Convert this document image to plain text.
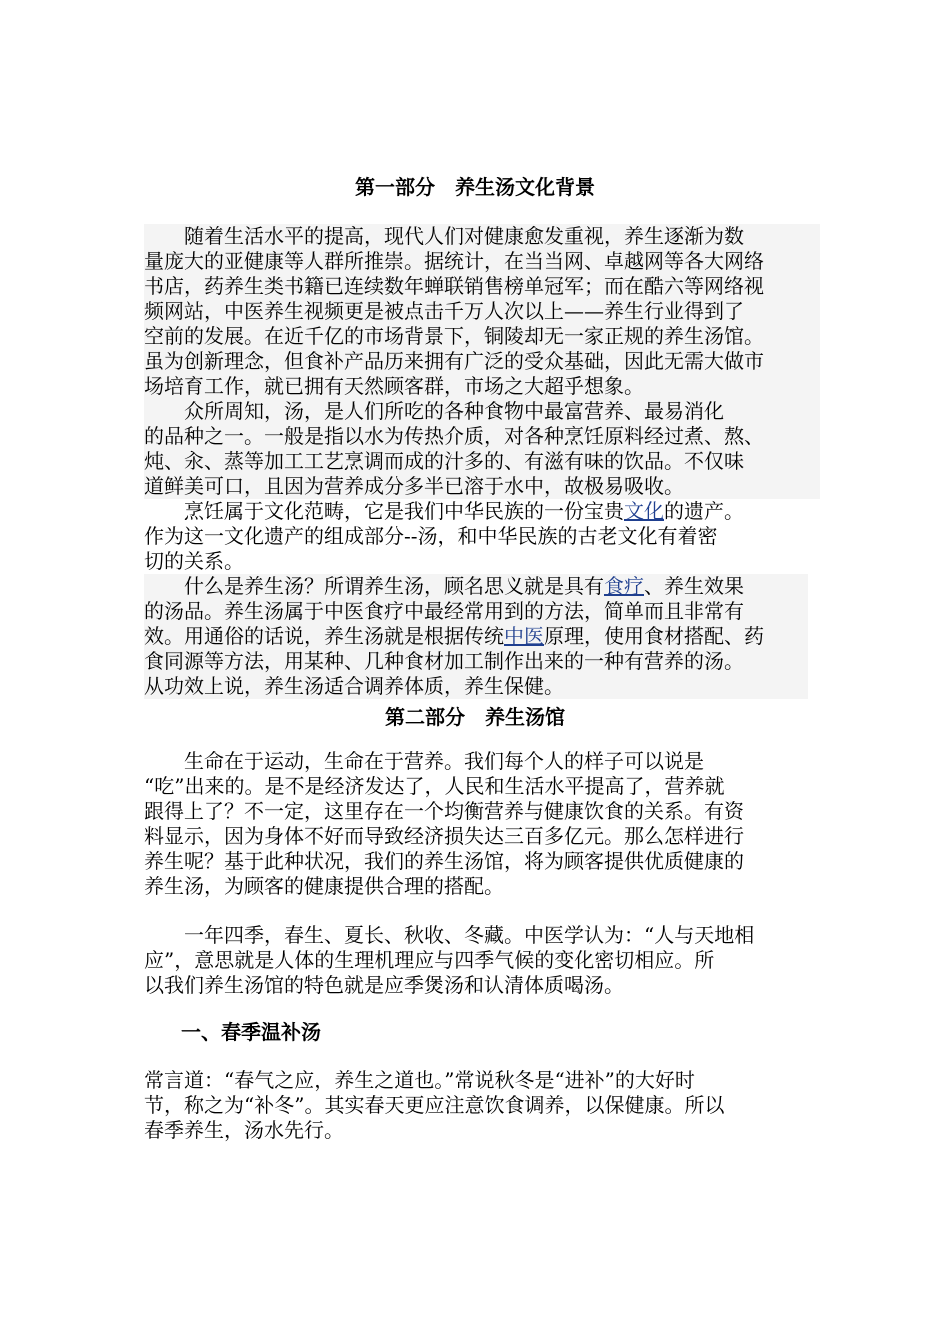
第一部分　养生汤文化背景
　　随着生活水平的提高，现代人们对健康愈发重视，养生逐渐为数
量庞大的亚健康等人群所推崇。据统计，在当当网、卓越网等各大网络
书店，药养生类书籍已连续数年蝉联销售榜单冠军；而在酷六等网络视
频网站，中医养生视频更是被点击千万人次以上——养生行业得到了
空前的发展。在近千亿的市场背景下，铜陵却无一家正规的养生汤馆。
虽为创新理念，但食补产品历来拥有广泛的受众基础，因此无需大做市
场培育工作，就已拥有天然顾客群，市场之大超乎想象。
　　众所周知，汤，是人们所吃的各种食物中最富营养、最易消化
的品种之一。一般是指以水为传热介质，对各种烹饪原料经过煮、熬、
炖、汆、蒸等加工工艺烹调而成的汁多的、有滋有味的饮品。不仅味
道鲜美可口，且因为营养成分多半已溶于水中，故极易吸收。
　　烹饪属于文化范畴，它是我们中华民族的一份宝贵文化的遗产。
作为这一文化遗产的组成部分--汤，和中华民族的古老文化有着密
切的关系。
　　什么是养生汤？所谓养生汤，顾名思义就是具有食疗、养生效果
的汤品。养生汤属于中医食疗中最经常用到的方法，简单而且非常有
效。用通俗的话说，养生汤就是根据传统中医原理，使用食材搭配、药
食同源等方法，用某种、几种食材加工制作出来的一种有营养的汤。
从功效上说，养生汤适合调养体质，养生保健。
第二部分　养生汤馆
　　生命在于运动，生命在于营养。我们每个人的样子可以说是
“吃”出来的。是不是经济发达了，人民和生活水平提高了，营养就
跟得上了？不一定，这里存在一个均衡营养与健康饮食的关系。有资
料显示，因为身体不好而导致经济损失达三百多亿元。那么怎样进行
养生呢？基于此种状况，我们的养生汤馆，将为顾客提供优质健康的
养生汤，为顾客的健康提供合理的搭配。
　　一年四季，春生、夏长、秋收、冬藏。中医学认为：“人与天地相
应”，意思就是人体的生理机理应与四季气候的变化密切相应。所
以我们养生汤馆的特色就是应季煲汤和认清体质喝汤。
一、春季温补汤
常言道：“春气之应，养生之道也。”常说秋冬是“进补”的大好时
节，称之为“补冬”。其实春天更应注意饮食调养，以保健康。所以
春季养生，汤水先行。
